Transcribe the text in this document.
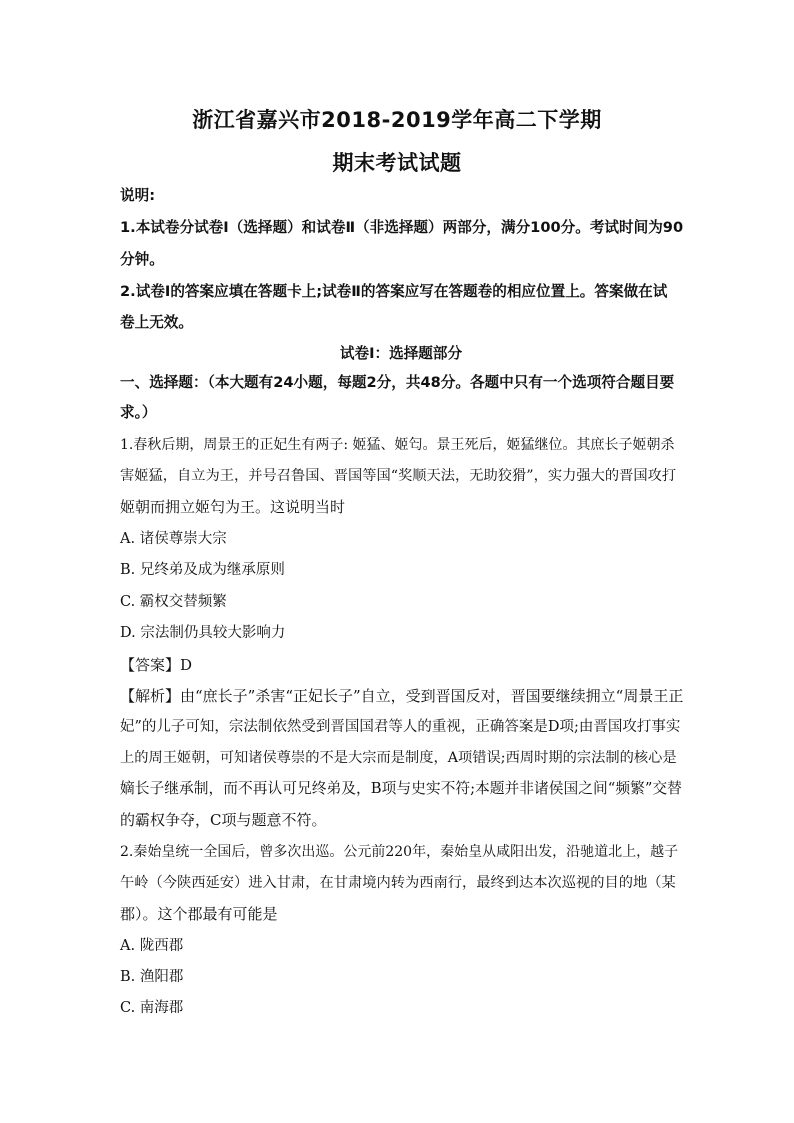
浙江省嘉兴市2018-2019学年高二下学期
期末考试试题
说明:
1.本试卷分试卷Ⅰ（选择题）和试卷Ⅱ（非选择题）两部分，满分100分。考试时间为90
分钟。
2.试卷Ⅰ的答案应填在答题卡上;试卷Ⅱ的答案应写在答题卷的相应位置上。答案做在试
卷上无效。
试卷Ⅰ：选择题部分
一、选择题：（本大题有24小题，每题2分，共48分。各题中只有一个选项符合题目要
求。）
1.春秋后期，周景王的正妃生有两子: 姬猛、姬匄。景王死后，姬猛继位。其庶长子姬朝杀
害姬猛，自立为王，并号召鲁国、晋国等国“奖顺天法，无助狡猾”，实力强大的晋国攻打
姬朝而拥立姬匄为王。这说明当时
A. 诸侯尊崇大宗
B. 兄终弟及成为继承原则
C. 霸权交替频繁
D. 宗法制仍具较大影响力
【答案】D
【解析】由“庶长子”杀害“正妃长子”自立，受到晋国反对，晋国要继续拥立“周景王正
妃”的儿子可知，宗法制依然受到晋国国君等人的重视，正确答案是D项;由晋国攻打事实
上的周王姬朝，可知诸侯尊崇的不是大宗而是制度，A项错误;西周时期的宗法制的核心是
嫡长子继承制，而不再认可兄终弟及，B项与史实不符;本题并非诸侯国之间“频繁”交替
的霸权争夺，C项与题意不符。
2.秦始皇统一全国后，曾多次出巡。公元前220年，秦始皇从咸阳出发，沿驰道北上，越子
午岭（今陕西延安）进入甘肃，在甘肃境内转为西南行，最终到达本次巡视的目的地（某
郡）。这个郡最有可能是
A. 陇西郡
B. 渔阳郡
C. 南海郡
